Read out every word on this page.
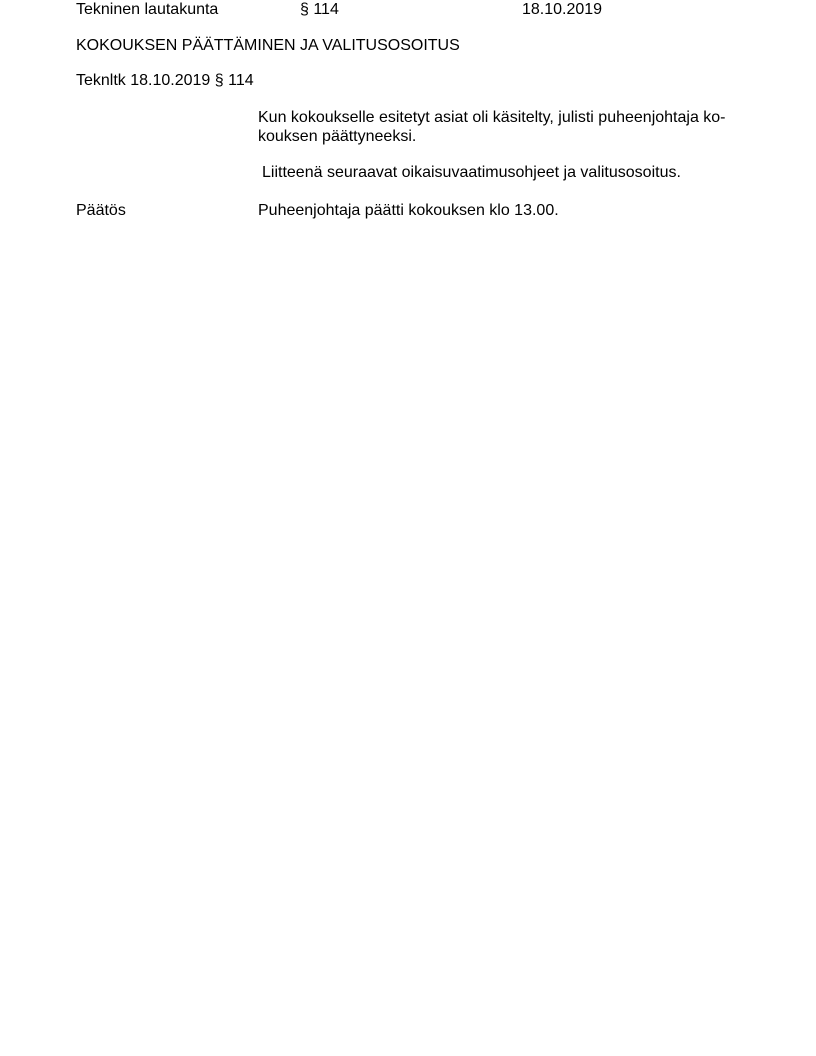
Tekninen lautakunta	§ 114	18.10.2019
KOKOUKSEN PÄÄTTÄMINEN JA VALITUSOSOITUS
Tekn​ltk 18.10.2019 § 114

Kun kokoukselle esitetyt asiat oli käsitelty, julisti puheenjohtaja ko-kouksen päättyneeksi.

Liitteenä seuraavat oikaisuvaatimusohjeet ja valitusosoitus.
Päätös	Puheenjohtaja päätti kokouksen klo 13.00.
